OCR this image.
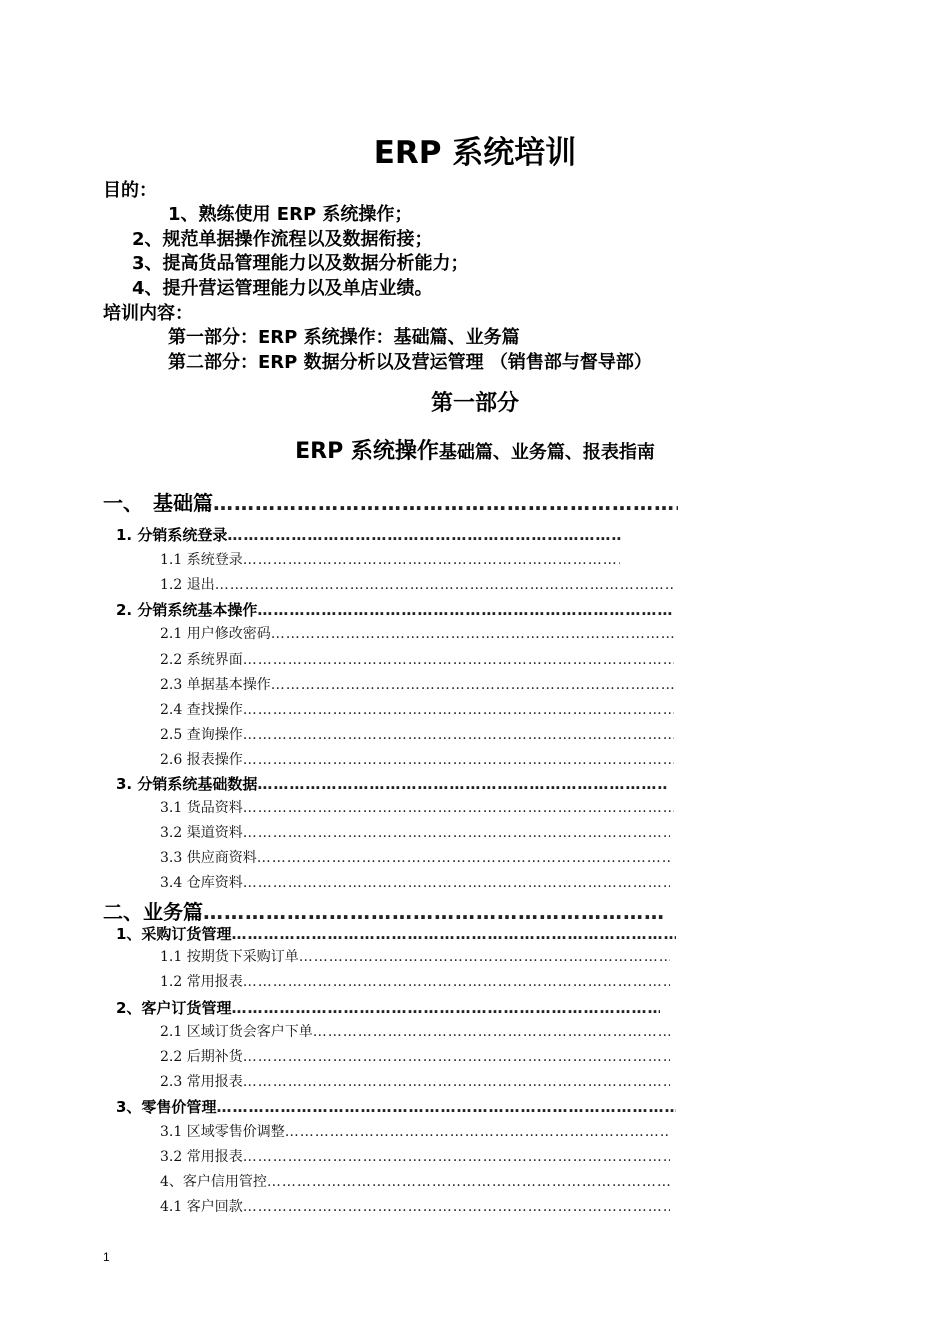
ERP 系统培训
目的：
1、熟练使用 ERP 系统操作；
2、规范单据操作流程以及数据衔接；
3、提高货品管理能力以及数据分析能力；
4、提升营运管理能力以及单店业绩。
培训内容：
第一部分：ERP 系统操作：基础篇、业务篇
第二部分：ERP 数据分析以及营运管理 （销售部与督导部）
第一部分
ERP 系统操作基础篇、业务篇、报表指南
一、　基础篇
…………………………………………………………………………………………………………………………………………………………………………
1. 分销系统登录
…………………………………………………………………………………………………………………………………………………………………………
1.1 系统登录
…………………………………………………………………………………………………………………………………………………………………………
1.2 退出
…………………………………………………………………………………………………………………………………………………………………………
2. 分销系统基本操作
…………………………………………………………………………………………………………………………………………………………………………
2.1 用户修改密码
…………………………………………………………………………………………………………………………………………………………………………
2.2 系统界面
…………………………………………………………………………………………………………………………………………………………………………
2.3 单据基本操作
…………………………………………………………………………………………………………………………………………………………………………
2.4 查找操作
…………………………………………………………………………………………………………………………………………………………………………
2.5 查询操作
…………………………………………………………………………………………………………………………………………………………………………
2.6 报表操作
…………………………………………………………………………………………………………………………………………………………………………
3. 分销系统基础数据
…………………………………………………………………………………………………………………………………………………………………………
3.1 货品资料
…………………………………………………………………………………………………………………………………………………………………………
3.2 渠道资料
…………………………………………………………………………………………………………………………………………………………………………
3.3 供应商资料
…………………………………………………………………………………………………………………………………………………………………………
3.4 仓库资料
…………………………………………………………………………………………………………………………………………………………………………
二、业务篇
…………………………………………………………………………………………………………………………………………………………………………
1、采购订货管理
…………………………………………………………………………………………………………………………………………………………………………
1.1 按期货下采购订单
…………………………………………………………………………………………………………………………………………………………………………
1.2 常用报表
…………………………………………………………………………………………………………………………………………………………………………
2、客户订货管理
…………………………………………………………………………………………………………………………………………………………………………
2.1 区域订货会客户下单
…………………………………………………………………………………………………………………………………………………………………………
2.2 后期补货
…………………………………………………………………………………………………………………………………………………………………………
2.3 常用报表
…………………………………………………………………………………………………………………………………………………………………………
3、零售价管理
…………………………………………………………………………………………………………………………………………………………………………
3.1 区域零售价调整
…………………………………………………………………………………………………………………………………………………………………………
3.2 常用报表
…………………………………………………………………………………………………………………………………………………………………………
4、客户信用管控
…………………………………………………………………………………………………………………………………………………………………………
4.1 客户回款
…………………………………………………………………………………………………………………………………………………………………………
1
